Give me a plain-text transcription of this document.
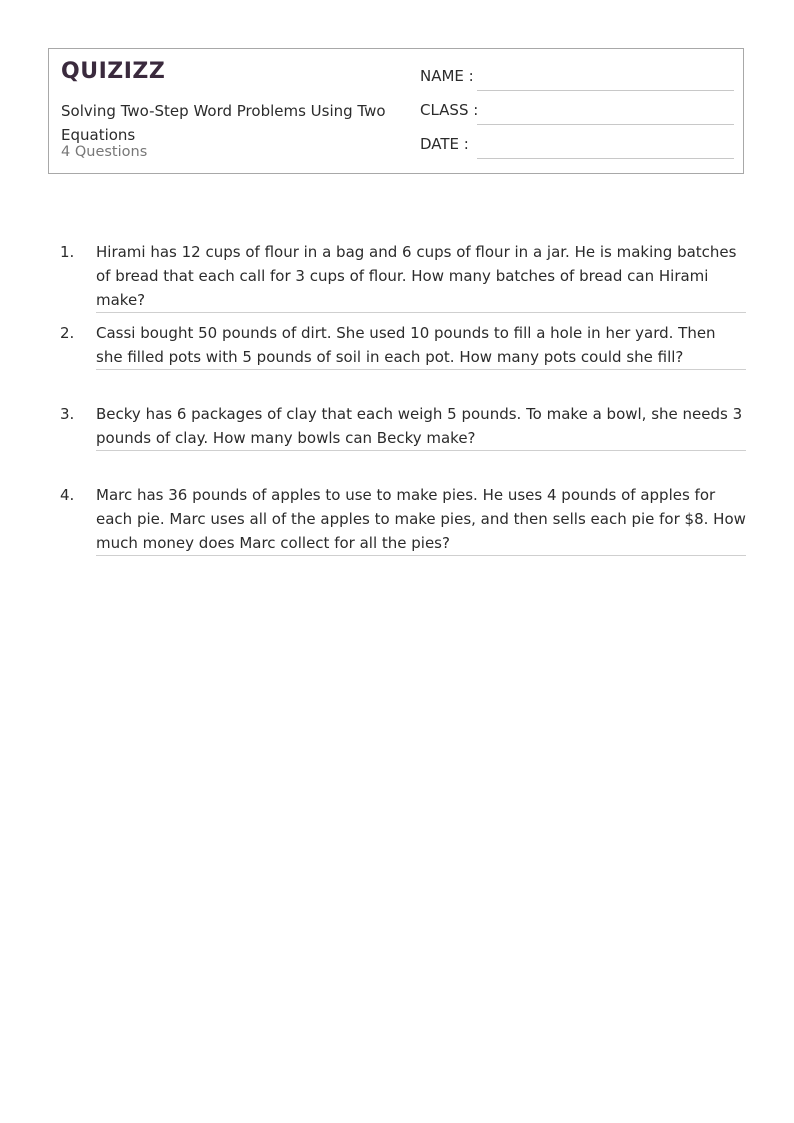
QUIZIZZ
Solving Two-Step Word Problems Using Two Equations
4 Questions
NAME :
CLASS :
DATE :
1. Hirami has 12 cups of flour in a bag and 6 cups of flour in a jar. He is making batches of bread that each call for 3 cups of flour. How many batches of bread can Hirami make?
2. Cassi bought 50 pounds of dirt. She used 10 pounds to fill a hole in her yard. Then she filled pots with 5 pounds of soil in each pot. How many pots could she fill?
3. Becky has 6 packages of clay that each weigh 5 pounds. To make a bowl, she needs 3 pounds of clay. How many bowls can Becky make?
4. Marc has 36 pounds of apples to use to make pies. He uses 4 pounds of apples for each pie. Marc uses all of the apples to make pies, and then sells each pie for $8. How much money does Marc collect for all the pies?
